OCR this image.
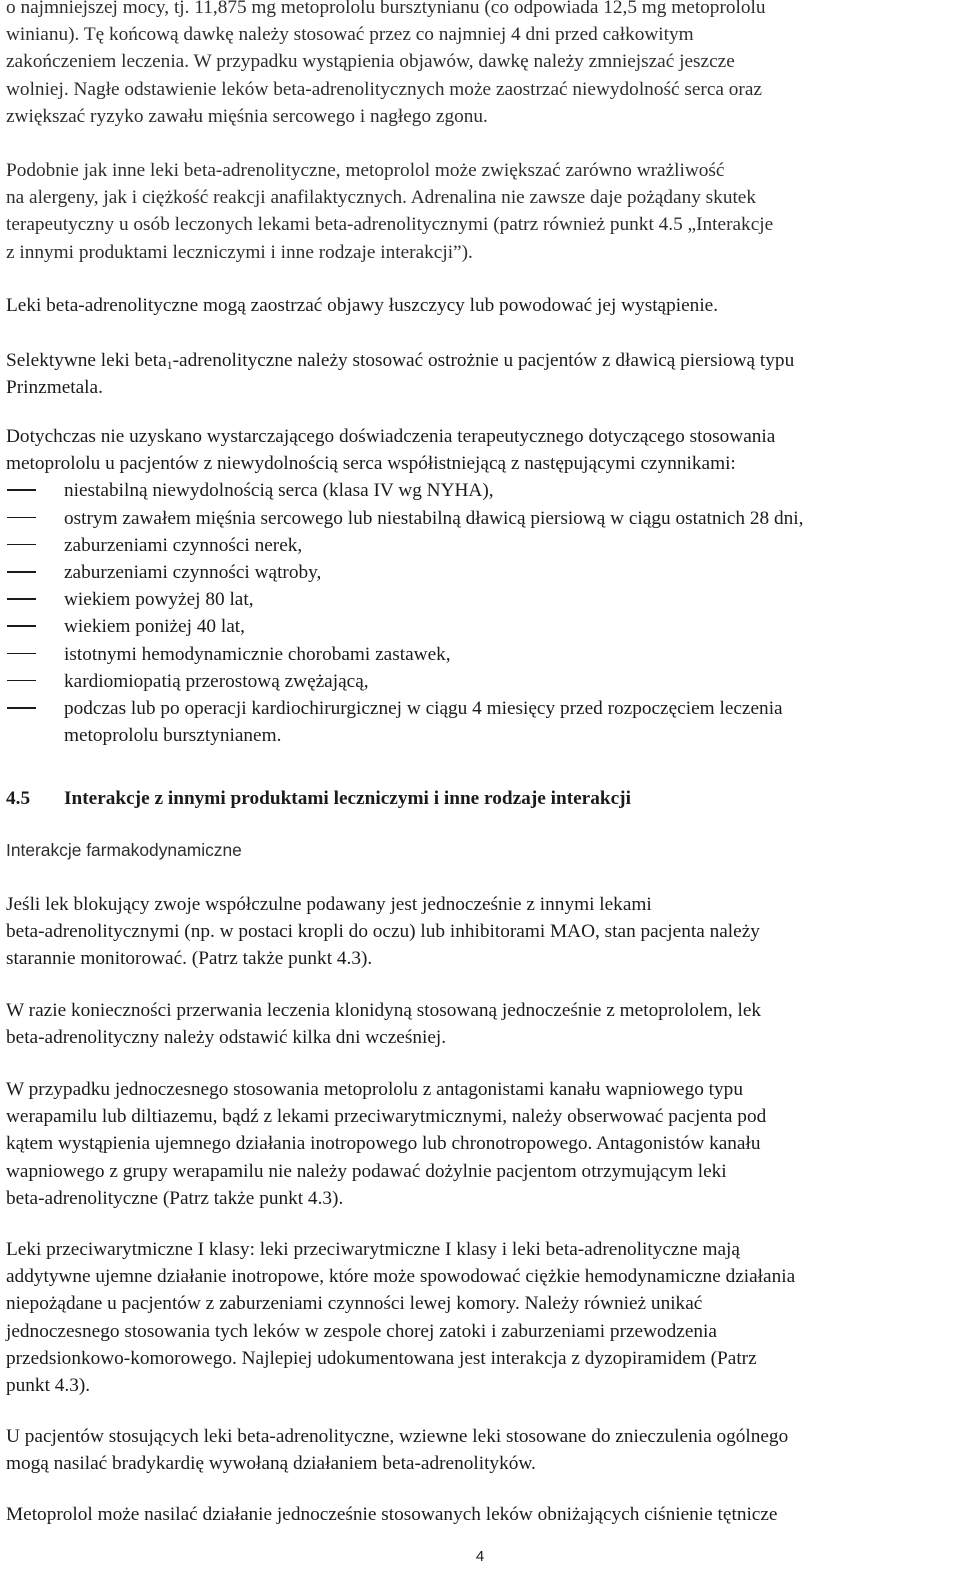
o najmniejszej mocy, tj. 11,875 mg metoprololu bursztynianu (co odpowiada 12,5 mg metoprololu
winianu). Tę końcową dawkę należy stosować przez co najmniej 4 dni przed całkowitym
zakończeniem leczenia. W przypadku wystąpienia objawów, dawkę należy zmniejszać jeszcze
wolniej. Nagłe odstawienie leków beta-adrenolitycznych może zaostrzać niewydolność serca oraz
zwiększać ryzyko zawału mięśnia sercowego i nagłego zgonu.

Podobnie jak inne leki beta-adrenolityczne, metoprolol może zwiększać zarówno wrażliwość
na alergeny, jak i ciężkość reakcji anafilaktycznych. Adrenalina nie zawsze daje pożądany skutek
terapeutyczny u osób leczonych lekami beta-adrenolitycznymi (patrz również punkt 4.5 „Interakcje
z innymi produktami leczniczymi i inne rodzaje interakcji”).

Leki beta-adrenolityczne mogą zaostrzać objawy łuszczycy lub powodować jej wystąpienie.

Selektywne leki beta$_1$-adrenolityczne należy stosować ostrożnie u pacjentów z dławicą piersiową typu
Prinzmetala.

Dotychczas nie uzyskano wystarczającego doświadczenia terapeutycznego dotyczącego stosowania
metoprololu u pacjentów z niewydolnością serca współistniejącą z następującymi czynnikami:

niestabilną niewydolnością serca (klasa IV wg NYHA),
ostrym zawałem mięśnia sercowego lub niestabilną dławicą piersiową w ciągu ostatnich 28 dni,
zaburzeniami czynności nerek,
zaburzeniami czynności wątroby,
wiekiem powyżej 80 lat,
wiekiem poniżej 40 lat,
istotnymi hemodynamicznie chorobami zastawek,
kardiomiopatią przerostową zwężającą,
podczas lub po operacji kardiochirurgicznej w ciągu 4 miesięcy przed rozpoczęciem leczenia
metoprololu bursztynianem.
4.5 Interakcje z innymi produktami leczniczymi i inne rodzaje interakcji

Interakcje farmakodynamiczne

Jeśli lek blokujący zwoje współczulne podawany jest jednocześnie z innymi lekami
beta-adrenolitycznymi (np. w postaci kropli do oczu) lub inhibitorami MAO, stan pacjenta należy
starannie monitorować. (Patrz także punkt 4.3).

W razie konieczności przerwania leczenia klonidyną stosowaną jednocześnie z metoprololem, lek
beta-adrenolityczny należy odstawić kilka dni wcześniej.

W przypadku jednoczesnego stosowania metoprololu z antagonistami kanału wapniowego typu
werapamilu lub diltiazemu, bądź z lekami przeciwarytmicznymi, należy obserwować pacjenta pod
kątem wystąpienia ujemnego działania inotropowego lub chronotropowego. Antagonistów kanału
wapniowego z grupy werapamilu nie należy podawać dożylnie pacjentom otrzymującym leki
beta-adrenolityczne (Patrz także punkt 4.3).

Leki przeciwarytmiczne I klasy: leki przeciwarytmiczne I klasy i leki beta-adrenolityczne mają
addytywne ujemne działanie inotropowe, które może spowodować ciężkie hemodynamiczne działania
niepożądane u pacjentów z zaburzeniami czynności lewej komory. Należy również unikać
jednoczesnego stosowania tych leków w zespole chorej zatoki i zaburzeniami przewodzenia
przedsionkowo-komorowego. Najlepiej udokumentowana jest interakcja z dyzopiramidem (Patrz
punkt 4.3).

U pacjentów stosujących leki beta-adrenolityczne, wziewne leki stosowane do znieczulenia ogólnego
mogą nasilać bradykardię wywołaną działaniem beta-adrenolityków.

Metoprolol może nasilać działanie jednocześnie stosowanych leków obniżających ciśnienie tętnicze

4
